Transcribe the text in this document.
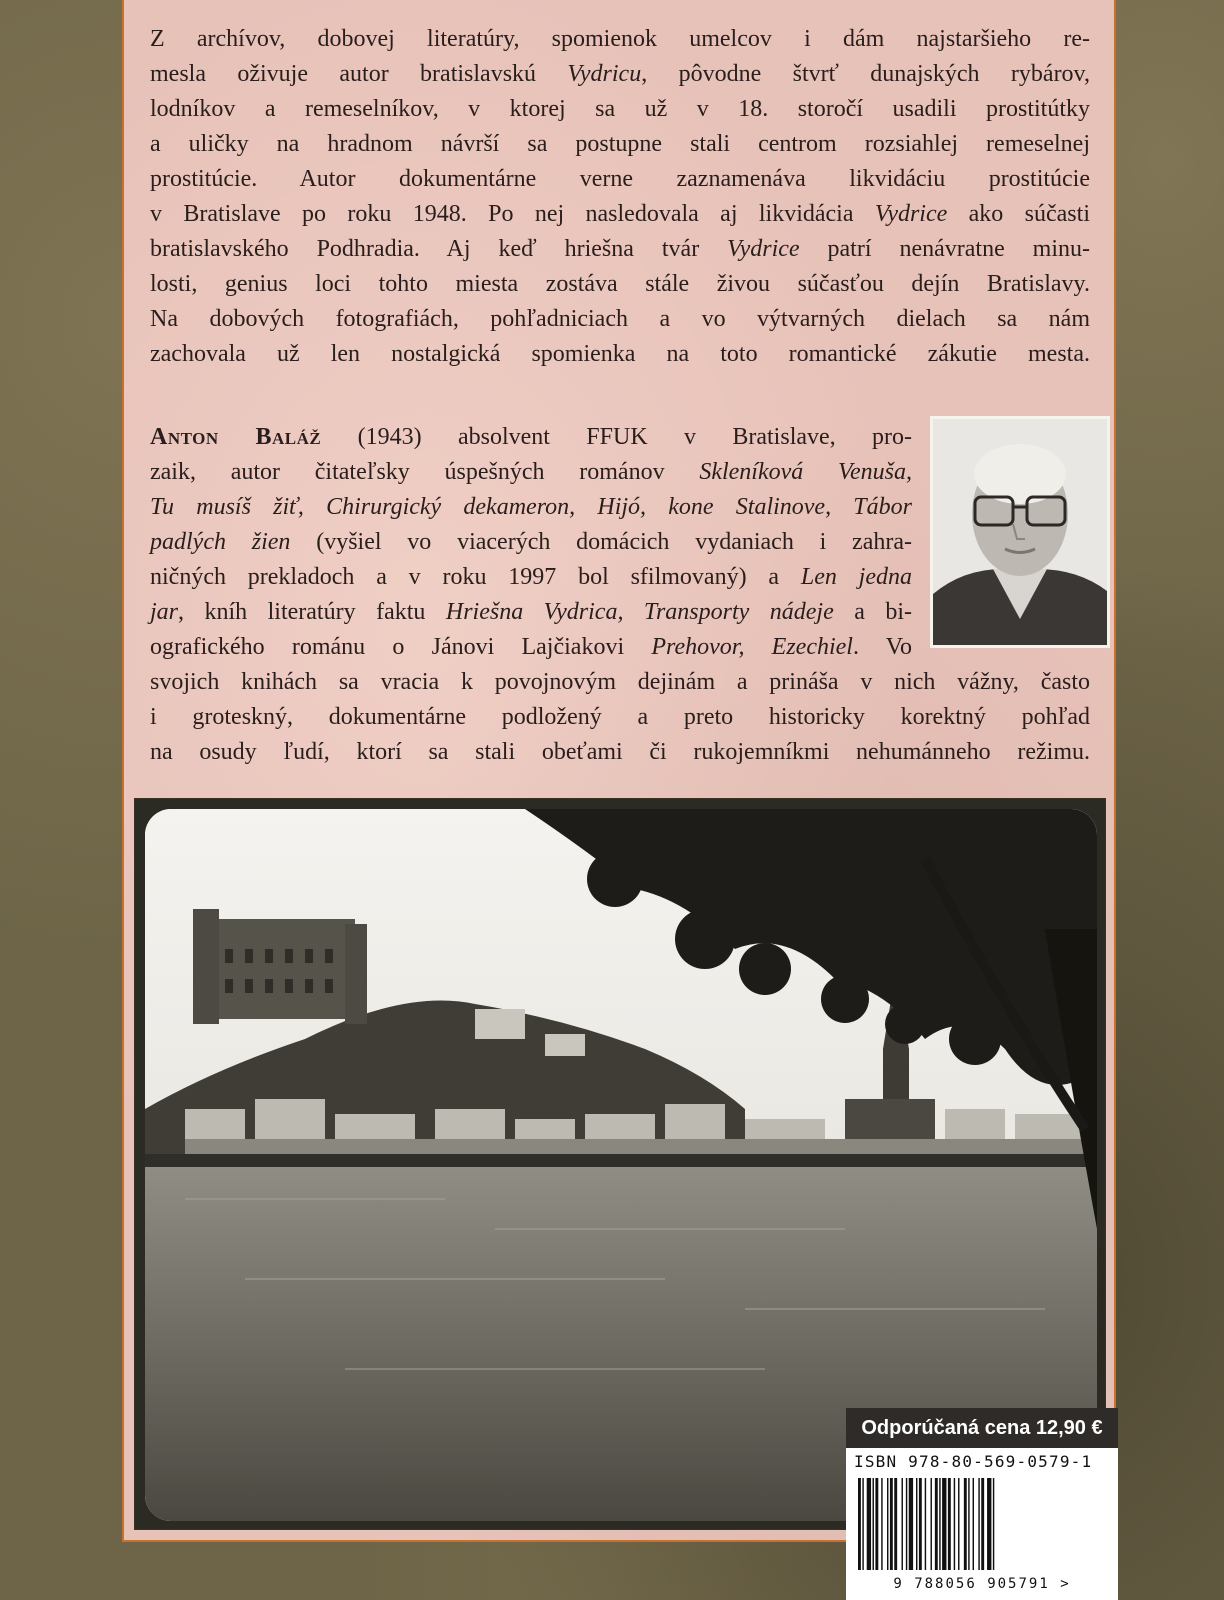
Z archívov, dobovej literatúry, spomienok umelcov i dám najstaršieho re-
mesla oživuje autor bratislavskú Vydricu, pôvodne štvrť dunajských rybárov,
lodníkov a remeselníkov, v ktorej sa už v 18. storočí usadili prostitútky
a uličky na hradnom návrší sa postupne stali centrom rozsiahlej remeselnej
prostitúcie. Autor dokumentárne verne zaznamenáva likvidáciu prostitúcie
v Bratislave po roku 1948. Po nej nasledovala aj likvidácia Vydrice ako súčasti
bratislavského Podhradia. Aj keď hriešna tvár Vydrice patrí nenávratne minu-
losti, genius loci tohto miesta zostáva stále živou súčasťou dejín Bratislavy.
Na dobových fotografiách, pohľadniciach a vo výtvarných dielach sa nám
zachovala už len nostalgická spomienka na toto romantické zákutie mesta.
Anton Baláž (1943) absolvent FFUK v Bratislave, pro-
zaik, autor čitateľsky úspešných románov Skleníková Venuša,
Tu musíš žiť, Chirurgický dekameron, Hijó, kone Stalinove, Tábor
padlých žien (vyšiel vo viacerých domácich vydaniach i zahra-
ničných prekladoch a v roku 1997 bol sfilmovaný) a Len jedna
jar, kníh literatúry faktu Hriešna Vydrica, Transporty nádeje a bi-
ografického románu o Jánovi Lajčiakovi Prehovor, Ezechiel. Vo
svojich knihách sa vracia k povojnovým dejinám a prináša v nich vážny, často
i groteskný, dokumentárne podložený a preto historicky korektný pohľad
na osudy ľudí, ktorí sa stali obeťami či rukojemníkmi nehumánneho režimu.
Odporúčaná cena 12,90 €
ISBN 978-80-569-0579-1
9 788056 905791 >
